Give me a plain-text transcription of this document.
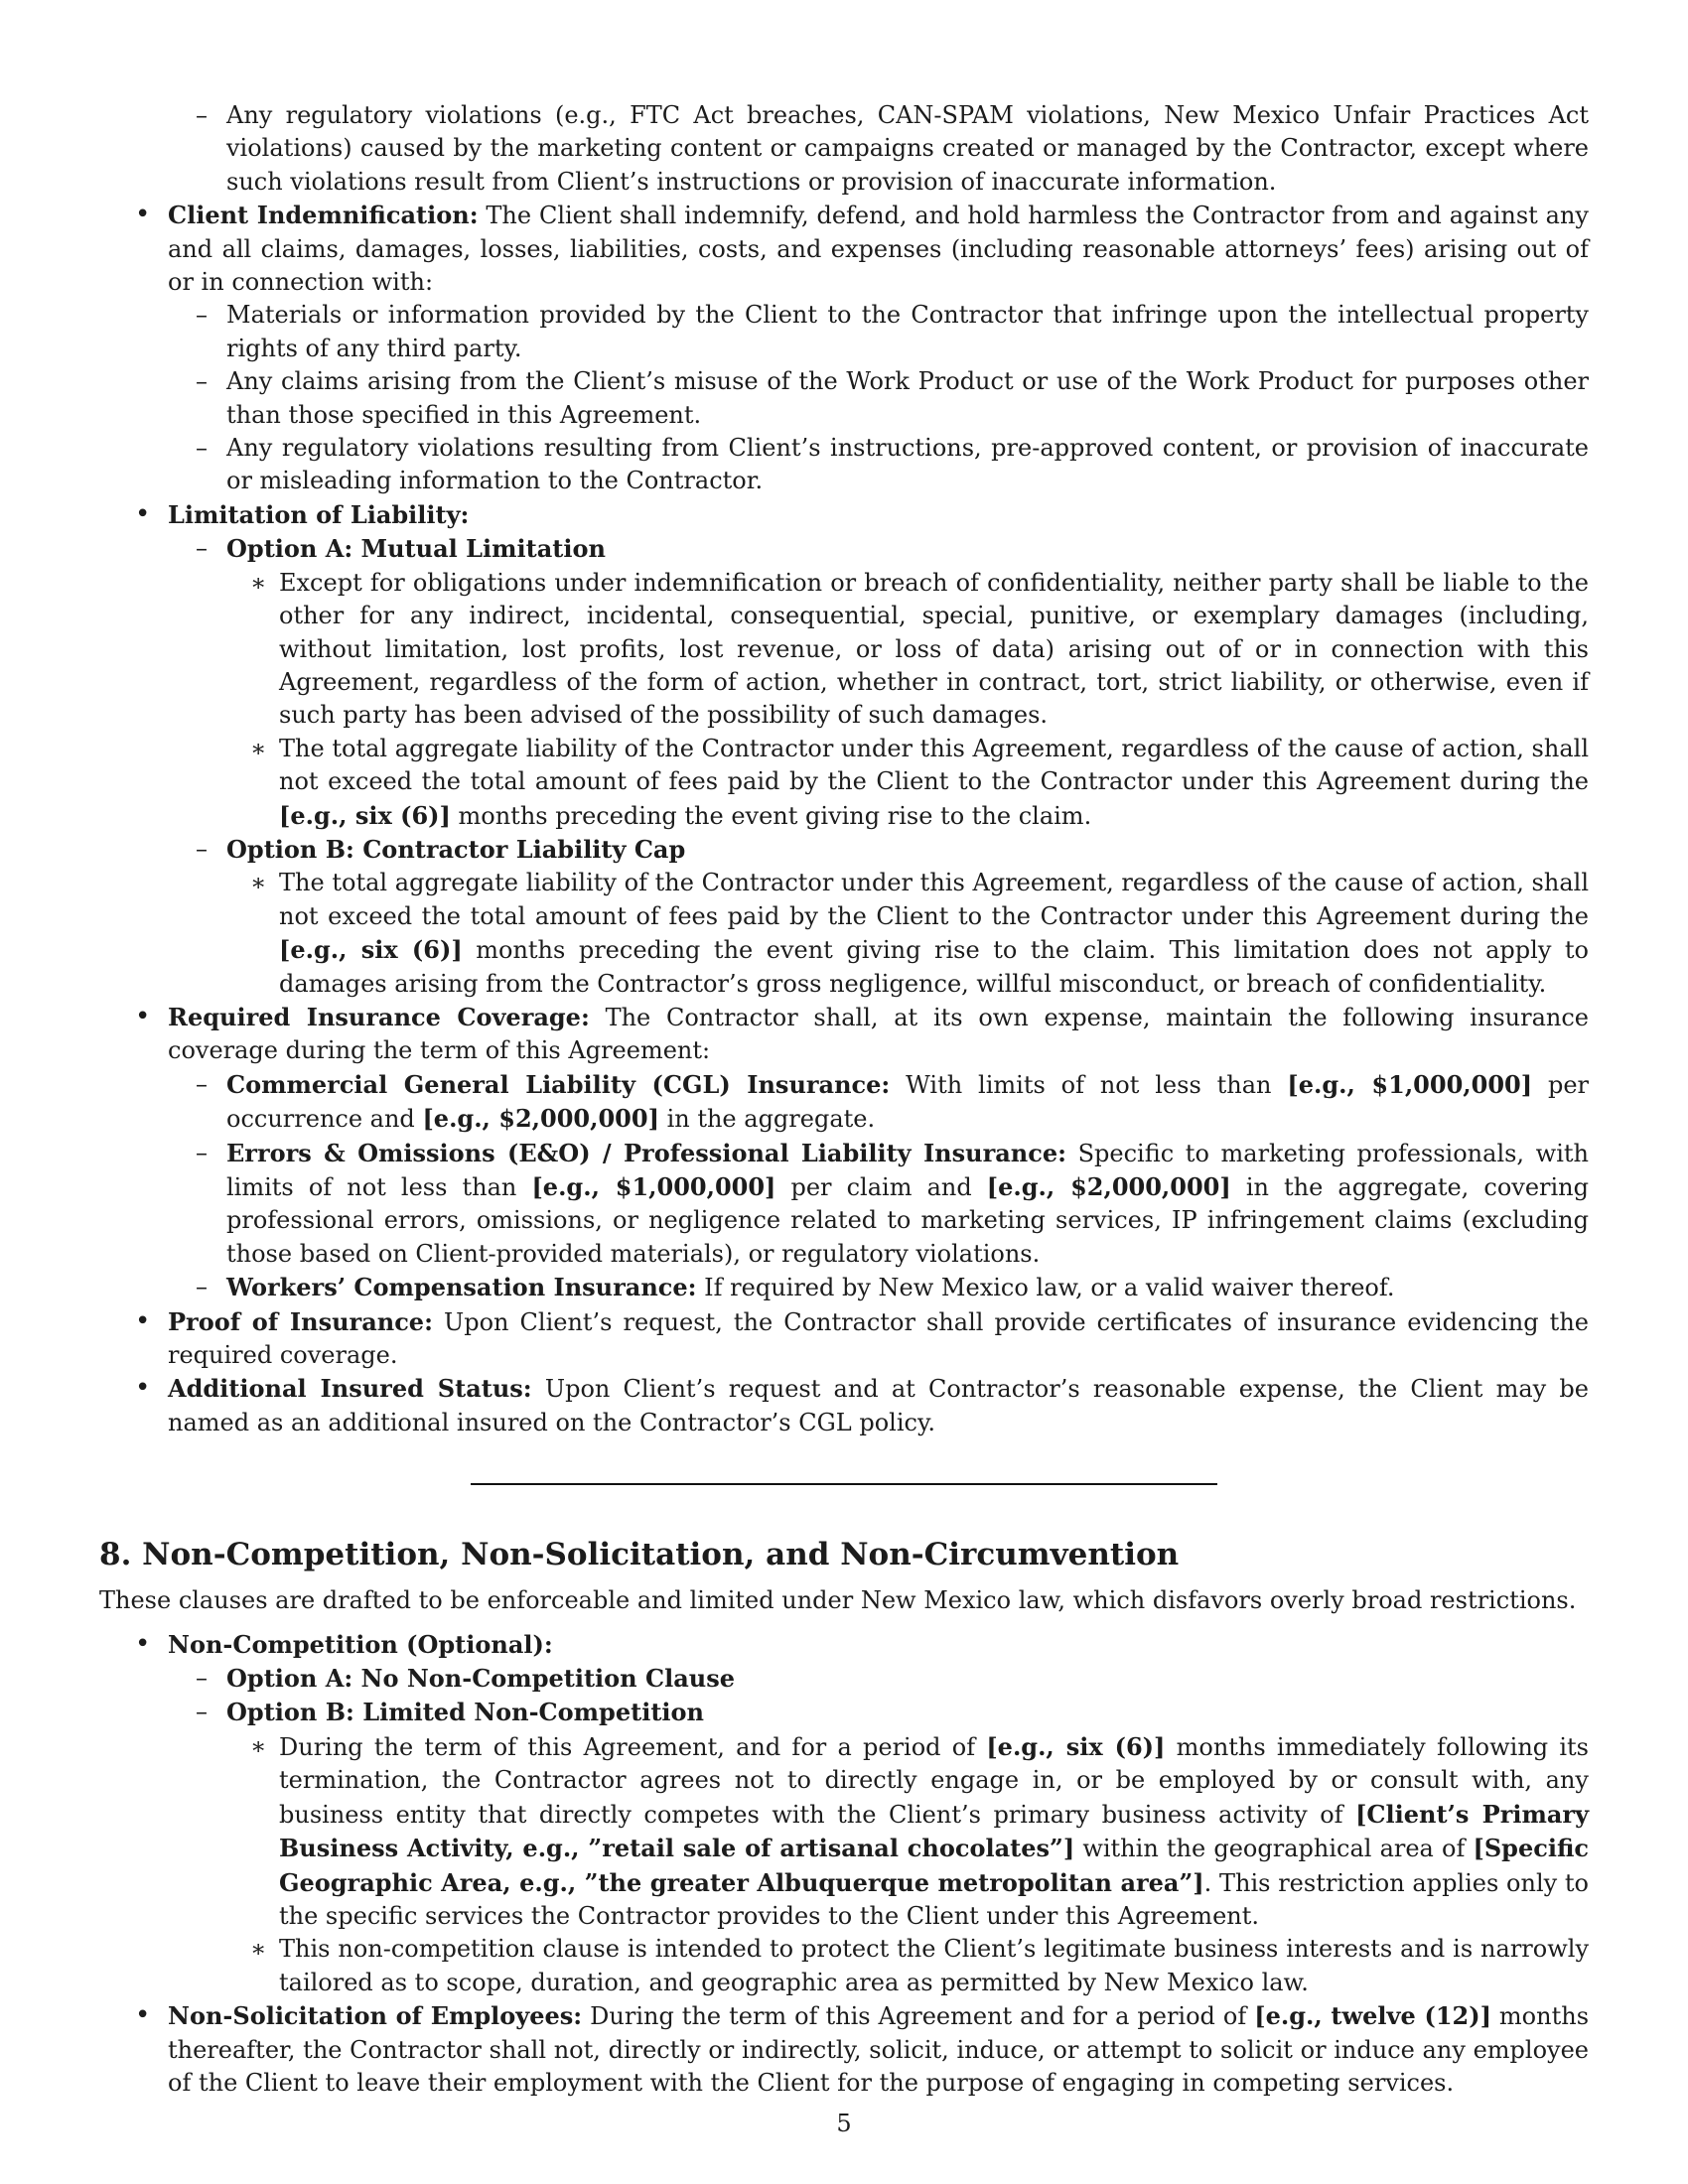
– Any regulatory violations (e.g., FTC Act breaches, CAN-SPAM violations, New Mexico Unfair Practices Act violations) caused by the marketing content or campaigns created or managed by the Contractor, except where such violations result from Client’s instructions or provision of inaccurate information.
• Client Indemnification: The Client shall indemnify, defend, and hold harmless the Contractor from and against any and all claims, damages, losses, liabilities, costs, and expenses (including reasonable attorneys’ fees) arising out of or in connection with:
– Materials or information provided by the Client to the Contractor that infringe upon the intellectual property rights of any third party.
– Any claims arising from the Client’s misuse of the Work Product or use of the Work Product for purposes other than those specified in this Agreement.
– Any regulatory violations resulting from Client’s instructions, pre-approved content, or provision of inaccurate or misleading information to the Contractor.
• Limitation of Liability:
– Option A: Mutual Limitation
∗ Except for obligations under indemnification or breach of confidentiality, neither party shall be liable to the other for any indirect, incidental, consequential, special, punitive, or exemplary damages (including, without limitation, lost profits, lost revenue, or loss of data) arising out of or in connection with this Agreement, regardless of the form of action, whether in contract, tort, strict liability, or otherwise, even if such party has been advised of the possibility of such damages.
∗ The total aggregate liability of the Contractor under this Agreement, regardless of the cause of action, shall not exceed the total amount of fees paid by the Client to the Contractor under this Agreement during the [e.g., six (6)] months preceding the event giving rise to the claim.
– Option B: Contractor Liability Cap
∗ The total aggregate liability of the Contractor under this Agreement, regardless of the cause of action, shall not exceed the total amount of fees paid by the Client to the Contractor under this Agreement during the [e.g., six (6)] months preceding the event giving rise to the claim. This limitation does not apply to damages arising from the Contractor’s gross negligence, willful misconduct, or breach of confidentiality.
• Required Insurance Coverage: The Contractor shall, at its own expense, maintain the following insurance coverage during the term of this Agreement:
– Commercial General Liability (CGL) Insurance: With limits of not less than [e.g., $1,000,000] per occurrence and [e.g., $2,000,000] in the aggregate.
– Errors & Omissions (E&O) / Professional Liability Insurance: Specific to marketing professionals, with limits of not less than [e.g., $1,000,000] per claim and [e.g., $2,000,000] in the aggregate, covering professional errors, omissions, or negligence related to marketing services, IP infringement claims (excluding those based on Client-provided materials), or regulatory violations.
– Workers’ Compensation Insurance: If required by New Mexico law, or a valid waiver thereof.
• Proof of Insurance: Upon Client’s request, the Contractor shall provide certificates of insurance evidencing the required coverage.
• Additional Insured Status: Upon Client’s request and at Contractor’s reasonable expense, the Client may be named as an additional insured on the Contractor’s CGL policy.
8. Non-Competition, Non-Solicitation, and Non-Circumvention
These clauses are drafted to be enforceable and limited under New Mexico law, which disfavors overly broad restrictions.
• Non-Competition (Optional):
– Option A: No Non-Competition Clause
– Option B: Limited Non-Competition
∗ During the term of this Agreement, and for a period of [e.g., six (6)] months immediately following its termination, the Contractor agrees not to directly engage in, or be employed by or consult with, any business entity that directly competes with the Client’s primary business activity of [Client’s Primary Business Activity, e.g., ”retail sale of artisanal chocolates”] within the geographical area of [Specific Geographic Area, e.g., ”the greater Albuquerque metropolitan area”]. This restriction applies only to the specific services the Contractor provides to the Client under this Agreement.
∗ This non-competition clause is intended to protect the Client’s legitimate business interests and is narrowly tailored as to scope, duration, and geographic area as permitted by New Mexico law.
• Non-Solicitation of Employees: During the term of this Agreement and for a period of [e.g., twelve (12)] months thereafter, the Contractor shall not, directly or indirectly, solicit, induce, or attempt to solicit or induce any employee of the Client to leave their employment with the Client for the purpose of engaging in competing services.
5
